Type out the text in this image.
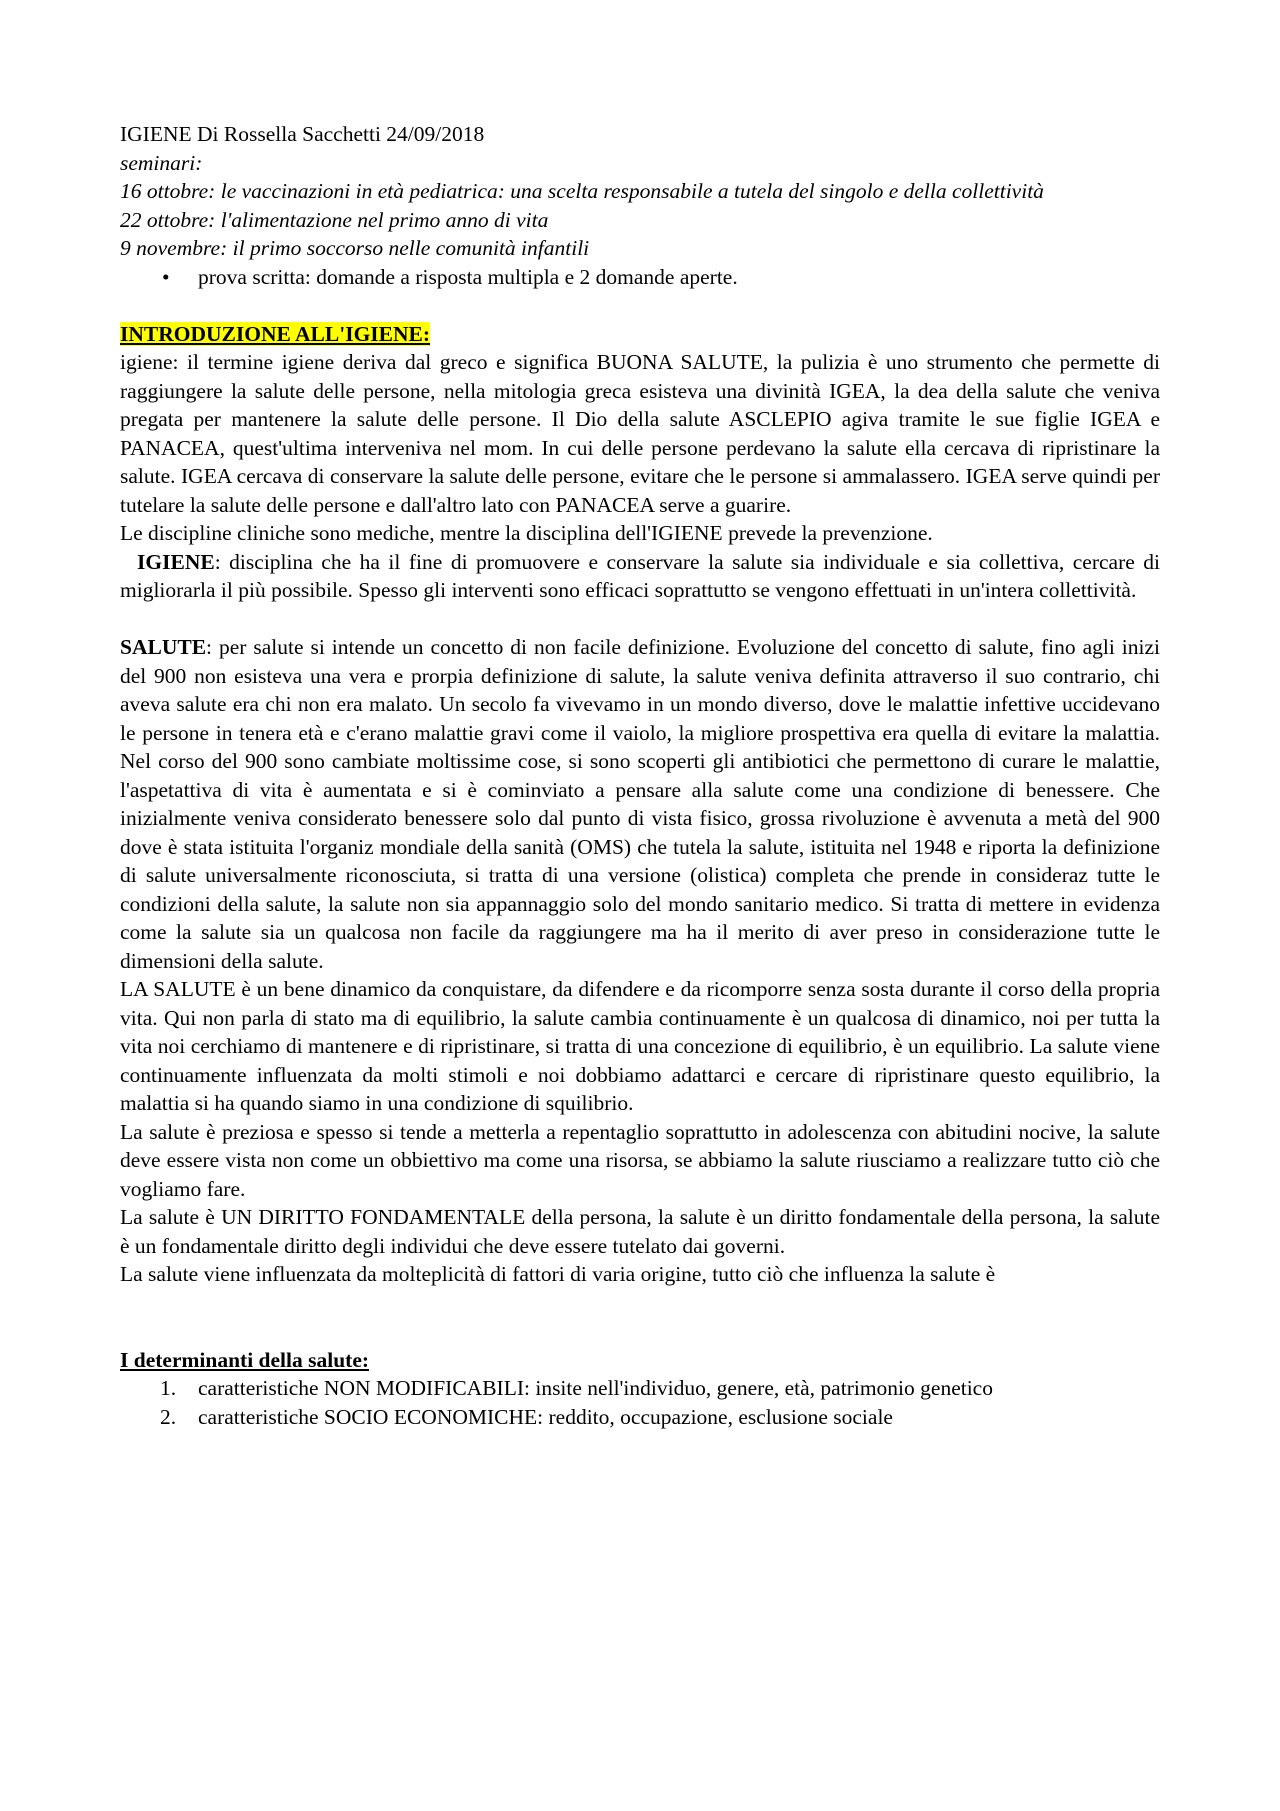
IGIENE Di Rossella Sacchetti 24/09/2018

seminari:

16 ottobre: le vaccinazioni in età pediatrica: una scelta responsabile a tutela del singolo e della collettività

22 ottobre: l'alimentazione nel primo anno di vita

9 novembre: il primo soccorso nelle comunità infantili

• prova scritta: domande a risposta multipla e 2 domande aperte.

INTRODUZIONE ALL'IGIENE:

igiene: il termine igiene deriva dal greco e significa BUONA SALUTE, la pulizia è uno strumento che permette di raggiungere la salute delle persone, nella mitologia greca esisteva una divinità IGEA, la dea della salute che veniva pregata per mantenere la salute delle persone. Il Dio della salute ASCLEPIO agiva tramite le sue figlie IGEA e PANACEA, quest'ultima interveniva nel mom. In cui delle persone perdevano la salute ella cercava di ripristinare la salute. IGEA cercava di conservare la salute delle persone, evitare che le persone si ammalassero. IGEA serve quindi per tutelare la salute delle persone e dall'altro lato con PANACEA serve a guarire.

Le discipline cliniche sono mediche, mentre la disciplina dell'IGIENE prevede la prevenzione.

IGIENE: disciplina che ha il fine di promuovere e conservare la salute sia individuale e sia collettiva, cercare di migliorarla il più possibile. Spesso gli interventi sono efficaci soprattutto se vengono effettuati in un'intera collettività.

SALUTE: per salute si intende un concetto di non facile definizione. Evoluzione del concetto di salute, fino agli inizi del 900 non esisteva una vera e prorpia definizione di salute, la salute veniva definita attraverso il suo contrario, chi aveva salute era chi non era malato. Un secolo fa vivevamo in un mondo diverso, dove le malattie infettive uccidevano le persone in tenera età e c'erano malattie gravi come il vaiolo, la migliore prospettiva era quella di evitare la malattia. Nel corso del 900 sono cambiate moltissime cose, si sono scoperti gli antibiotici che permettono di curare le malattie, l'aspetattiva di vita è aumentata e si è cominviato a pensare alla salute come una condizione di benessere. Che inizialmente veniva considerato benessere solo dal punto di vista fisico, grossa rivoluzione è avvenuta a metà del 900 dove è stata istituita l'organiz mondiale della sanità (OMS) che tutela la salute, istituita nel 1948 e riporta la definizione di salute universalmente riconosciuta, si tratta di una versione (olistica) completa che prende in consideraz tutte le condizioni della salute, la salute non sia appannaggio solo del mondo sanitario medico. Si tratta di mettere in evidenza come la salute sia un qualcosa non facile da raggiungere ma ha il merito di aver preso in considerazione tutte le dimensioni della salute.

LA SALUTE è un bene dinamico da conquistare, da difendere e da ricomporre senza sosta durante il corso della propria vita. Qui non parla di stato ma di equilibrio, la salute cambia continuamente è un qualcosa di dinamico, noi per tutta la vita noi cerchiamo di mantenere e di ripristinare, si tratta di una concezione di equilibrio, è un equilibrio. La salute viene continuamente influenzata da molti stimoli e noi dobbiamo adattarci e cercare di ripristinare questo equilibrio, la malattia si ha quando siamo in una condizione di squilibrio.

La salute è preziosa e spesso si tende a metterla a repentaglio soprattutto in adolescenza con abitudini nocive, la salute deve essere vista non come un obbiettivo ma come una risorsa, se abbiamo la salute riusciamo a realizzare tutto ciò che vogliamo fare.

La salute è UN DIRITTO FONDAMENTALE della persona, la salute è un diritto fondamentale della persona, la salute è un fondamentale diritto degli individui che deve essere tutelato dai governi.

La salute viene influenzata da molteplicità di fattori di varia origine, tutto ciò che influenza la salute è

I determinanti della salute:

1. caratteristiche NON MODIFICABILI: insite nell'individuo, genere, età, patrimonio genetico
2. caratteristiche SOCIO ECONOMICHE: reddito, occupazione, esclusione sociale
